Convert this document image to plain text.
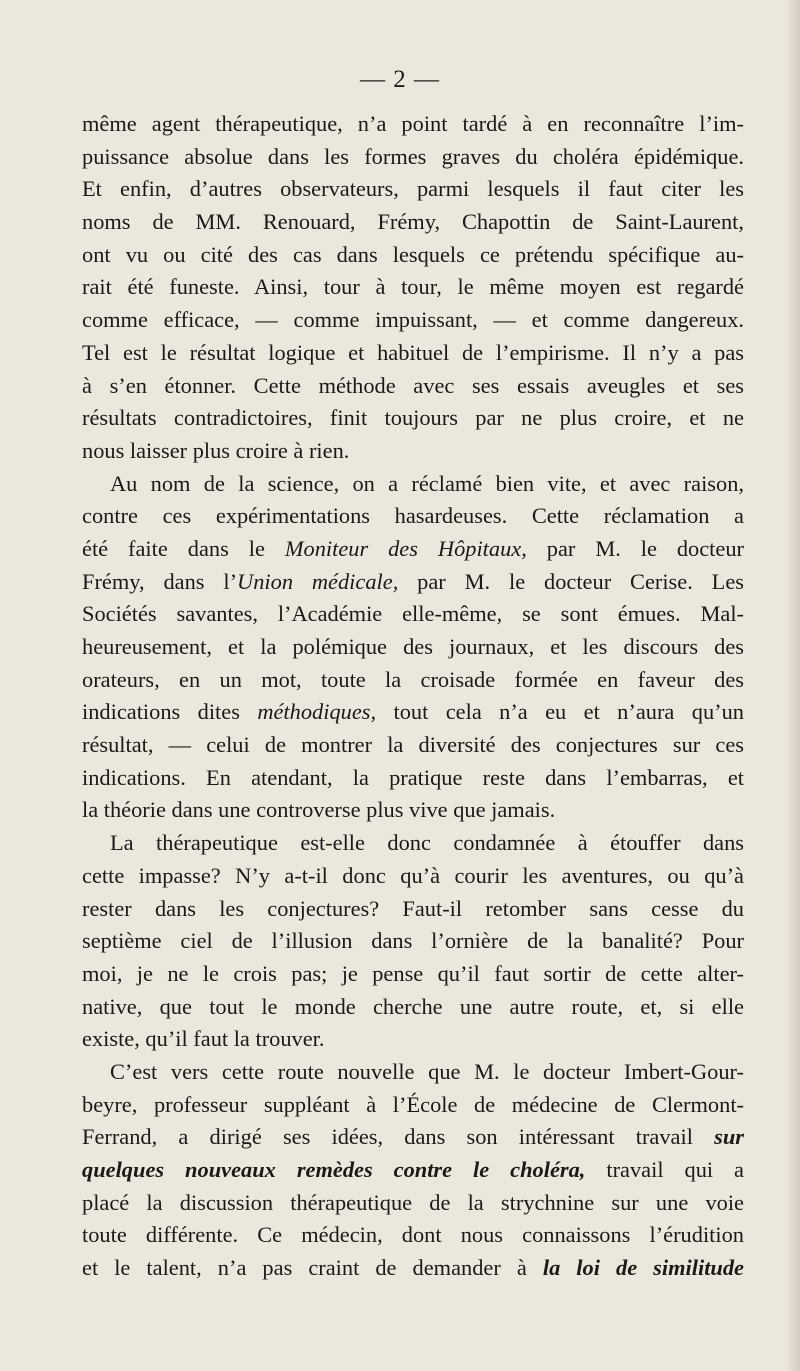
— 2 —
même agent thérapeutique, n’a point tardé à en reconnaître l’im-
puissance absolue dans les formes graves du choléra épidémique.
Et enfin, d’autres observateurs, parmi lesquels il faut citer les
noms de MM. Renouard, Frémy, Chapottin de Saint-Laurent,
ont vu ou cité des cas dans lesquels ce prétendu spécifique au-
rait été funeste. Ainsi, tour à tour, le même moyen est regardé
comme efficace, — comme impuissant, — et comme dangereux.
Tel est le résultat logique et habituel de l’empirisme. Il n’y a pas
à s’en étonner. Cette méthode avec ses essais aveugles et ses
résultats contradictoires, finit toujours par ne plus croire, et ne
nous laisser plus croire à rien.
Au nom de la science, on a réclamé bien vite, et avec raison,
contre ces expérimentations hasardeuses. Cette réclamation a
été faite dans le Moniteur des Hôpitaux, par M. le docteur
Frémy, dans l’Union médicale, par M. le docteur Cerise. Les
Sociétés savantes, l’Académie elle-même, se sont émues. Mal-
heureusement, et la polémique des journaux, et les discours des
orateurs, en un mot, toute la croisade formée en faveur des
indications dites méthodiques, tout cela n’a eu et n’aura qu’un
résultat, — celui de montrer la diversité des conjectures sur ces
indications. En atendant, la pratique reste dans l’embarras, et
la théorie dans une controverse plus vive que jamais.
La thérapeutique est-elle donc condamnée à étouffer dans
cette impasse? N’y a-t-il donc qu’à courir les aventures, ou qu’à
rester dans les conjectures? Faut-il retomber sans cesse du
septième ciel de l’illusion dans l’ornière de la banalité? Pour
moi, je ne le crois pas; je pense qu’il faut sortir de cette alter-
native, que tout le monde cherche une autre route, et, si elle
existe, qu’il faut la trouver.
C’est vers cette route nouvelle que M. le docteur Imbert-Gour-
beyre, professeur suppléant à l’École de médecine de Clermont-
Ferrand, a dirigé ses idées, dans son intéressant travail sur
quelques nouveaux remèdes contre le choléra, travail qui a
placé la discussion thérapeutique de la strychnine sur une voie
toute différente. Ce médecin, dont nous connaissons l’érudition
et le talent, n’a pas craint de demander à la loi de similitude
